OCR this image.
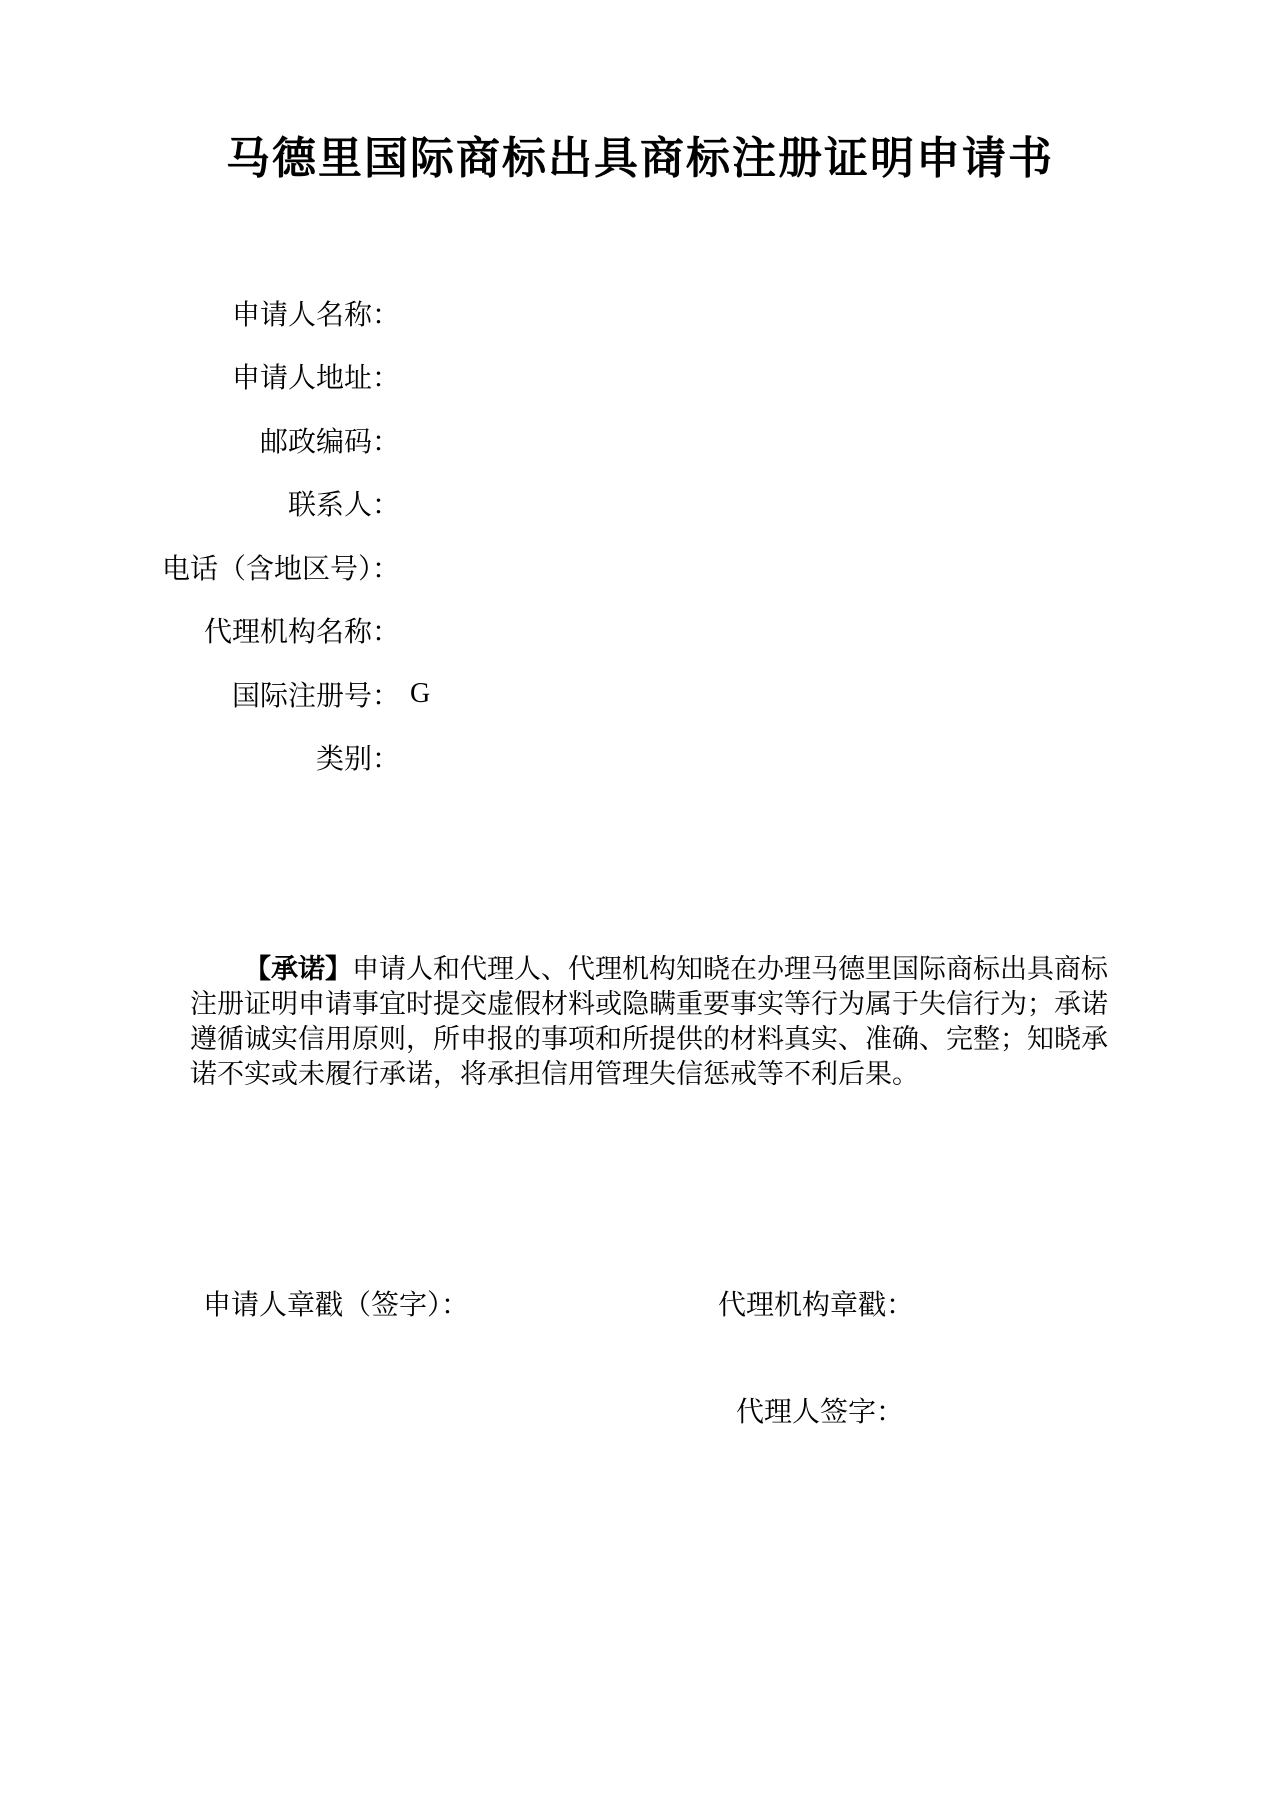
马德里国际商标出具商标注册证明申请书
申请人名称：
申请人地址：
邮政编码：
联系人：
电话（含地区号）：
代理机构名称：
国际注册号： G
类别：
【承诺】申请人和代理人、代理机构知晓在办理马德里国际商标出具商标
注册证明申请事宜时提交虚假材料或隐瞒重要事实等行为属于失信行为；承诺
遵循诚实信用原则，所申报的事项和所提供的材料真实、准确、完整；知晓承
诺不实或未履行承诺，将承担信用管理失信惩戒等不利后果。
申请人章戳（签字）：	代理机构章戳：
代理人签字：
